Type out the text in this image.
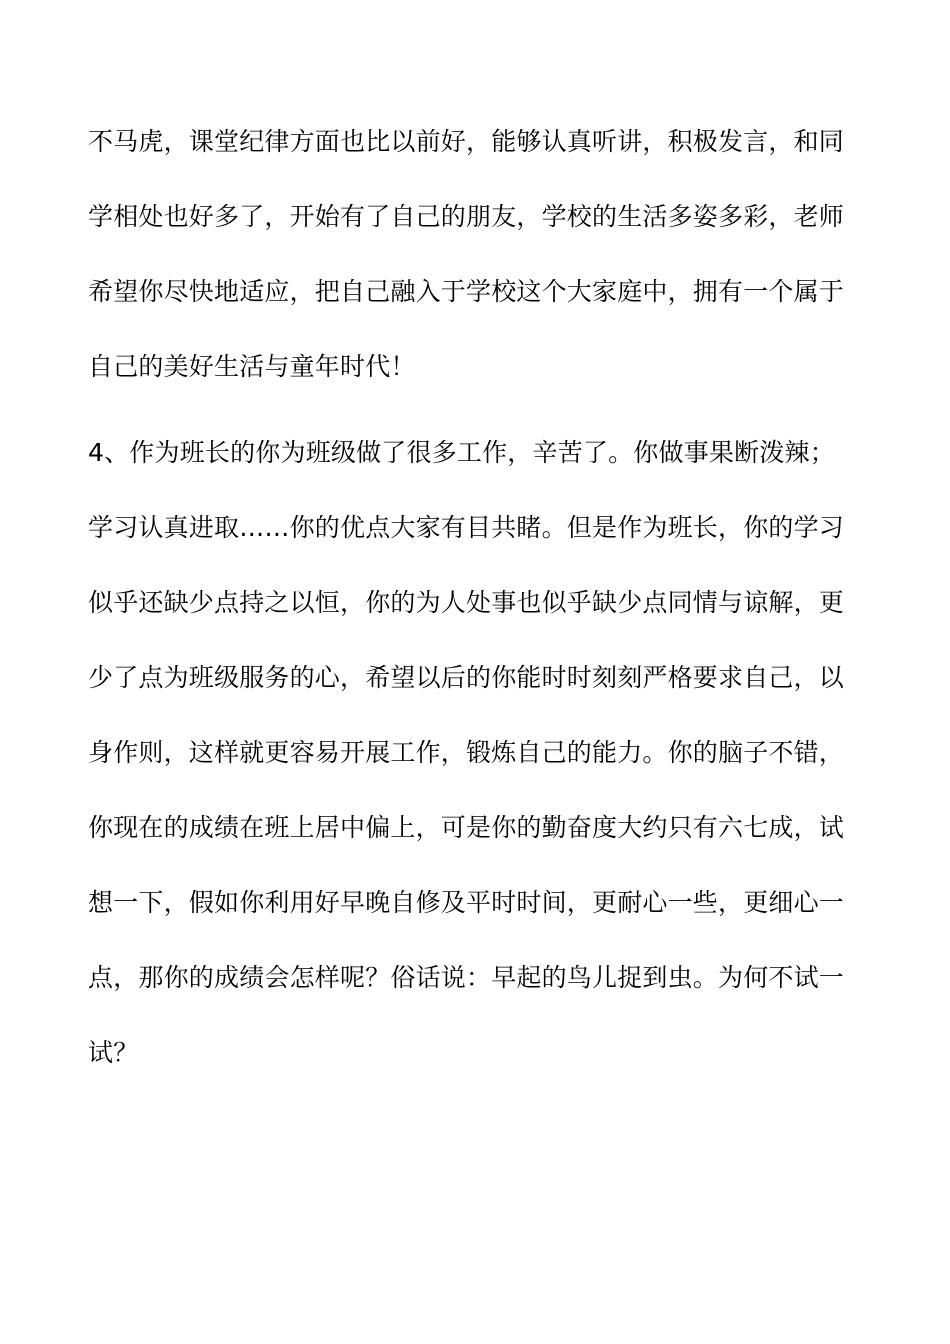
不马虎，课堂纪律方面也比以前好，能够认真听讲，积极发言，和同
学相处也好多了，开始有了自己的朋友，学校的生活多姿多彩，老师
希望你尽快地适应，把自己融入于学校这个大家庭中，拥有一个属于
自己的美好生活与童年时代！
4、作为班长的你为班级做了很多工作，辛苦了。你做事果断泼辣；
学习认真进取……你的优点大家有目共睹。但是作为班长，你的学习
似乎还缺少点持之以恒，你的为人处事也似乎缺少点同情与谅解，更
少了点为班级服务的心，希望以后的你能时时刻刻严格要求自己，以
身作则，这样就更容易开展工作，锻炼自己的能力。你的脑子不错，
你现在的成绩在班上居中偏上，可是你的勤奋度大约只有六七成，试
想一下，假如你利用好早晚自修及平时时间，更耐心一些，更细心一
点，那你的成绩会怎样呢？俗话说：早起的鸟儿捉到虫。为何不试一
试？
